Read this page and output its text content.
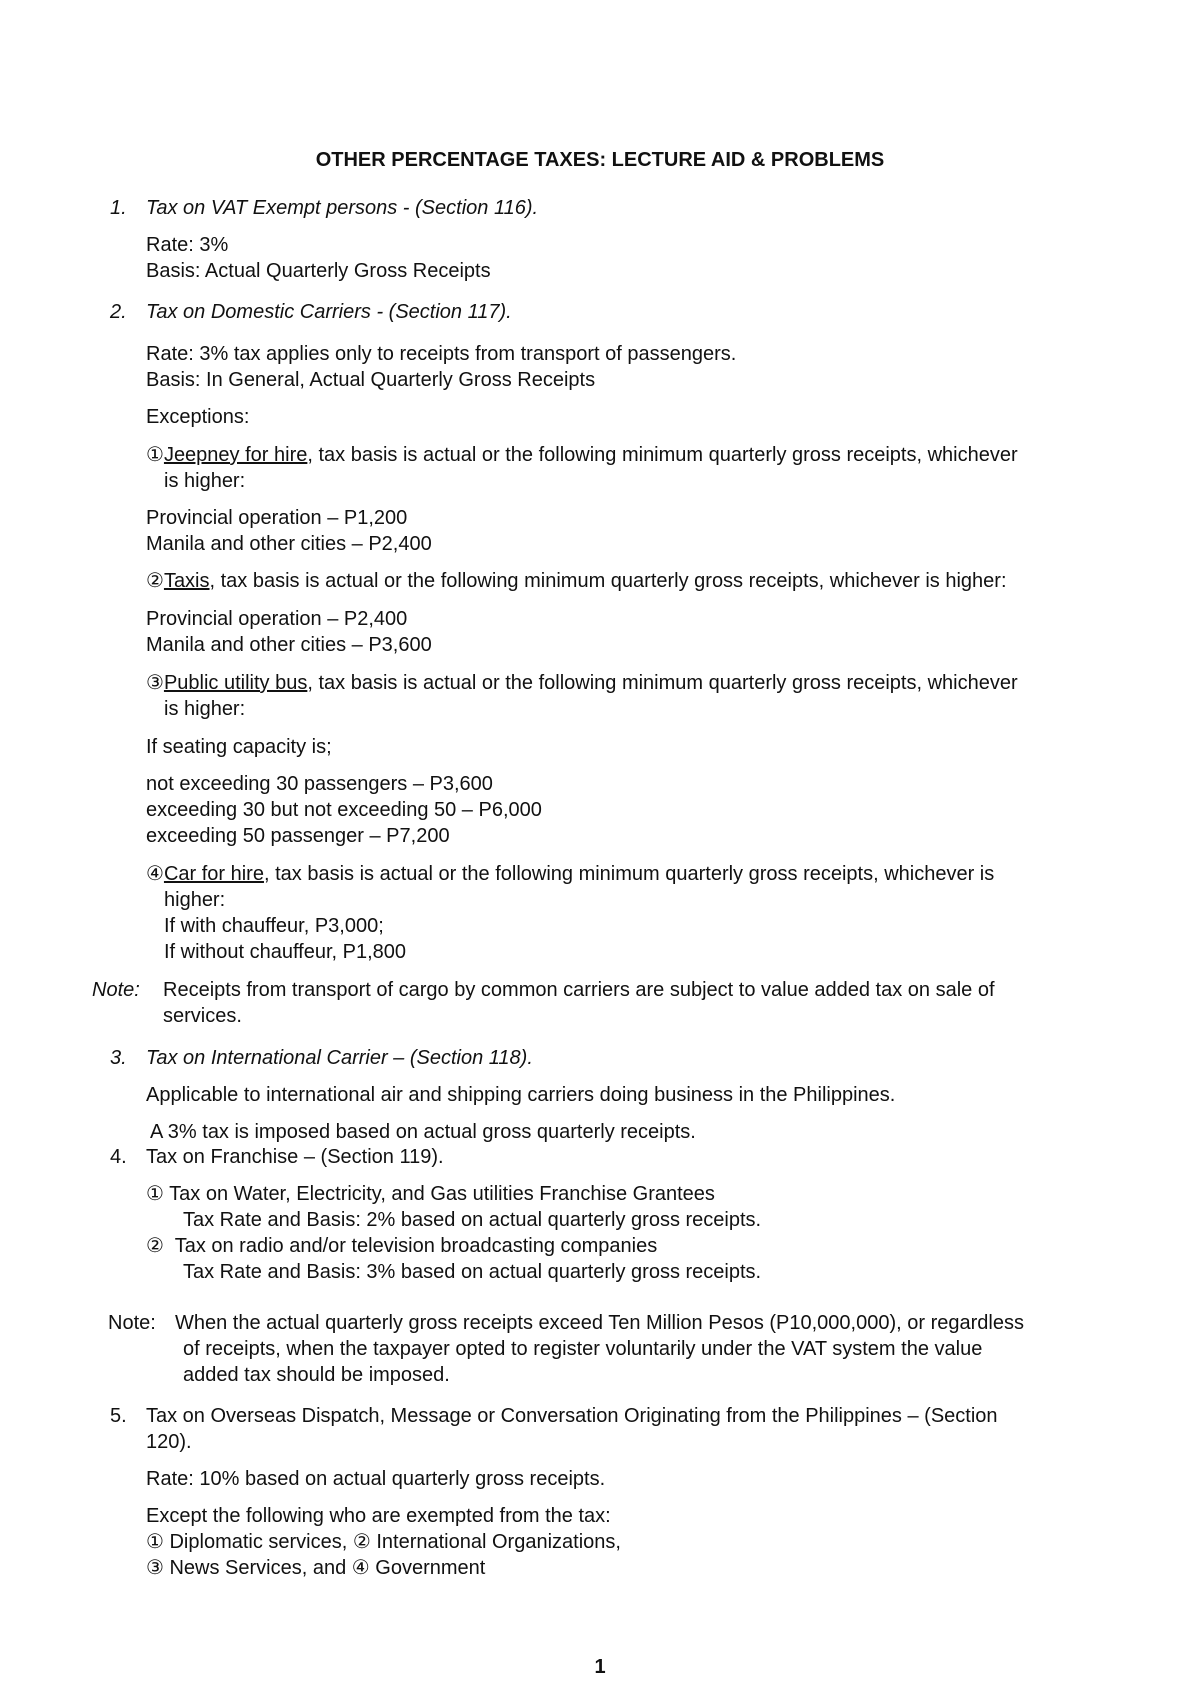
OTHER PERCENTAGE TAXES: LECTURE AID & PROBLEMS
1. Tax on VAT Exempt persons - (Section 116).
Rate: 3%
Basis: Actual Quarterly Gross Receipts
2. Tax on Domestic Carriers - (Section 117).
Rate: 3% tax applies only to receipts from transport of passengers.
Basis: In General, Actual Quarterly Gross Receipts
Exceptions:
①Jeepney for hire, tax basis is actual or the following minimum quarterly gross receipts, whichever
is higher:
Provincial operation – P1,200
Manila and other cities – P2,400
②Taxis, tax basis is actual or the following minimum quarterly gross receipts, whichever is higher:
Provincial operation – P2,400
Manila and other cities – P3,600
③Public utility bus, tax basis is actual or the following minimum quarterly gross receipts, whichever
is higher:
If seating capacity is;
not exceeding 30 passengers – P3,600
exceeding 30 but not exceeding 50 – P6,000
exceeding 50 passenger – P7,200
④Car for hire, tax basis is actual or the following minimum quarterly gross receipts, whichever is
higher:
If with chauffeur, P3,000;
If without chauffeur, P1,800
Note: Receipts from transport of cargo by common carriers are subject to value added tax on sale of
services.
3. Tax on International Carrier – (Section 118).
Applicable to international air and shipping carriers doing business in the Philippines.
A 3% tax is imposed based on actual gross quarterly receipts.
4. Tax on Franchise – (Section 119).
① Tax on Water, Electricity, and Gas utilities Franchise Grantees
Tax Rate and Basis: 2% based on actual quarterly gross receipts.
② Tax on radio and/or television broadcasting companies
Tax Rate and Basis: 3% based on actual quarterly gross receipts.
Note: When the actual quarterly gross receipts exceed Ten Million Pesos (P10,000,000), or regardless
of receipts, when the taxpayer opted to register voluntarily under the VAT system the value
added tax should be imposed.
5. Tax on Overseas Dispatch, Message or Conversation Originating from the Philippines – (Section
120).
Rate: 10% based on actual quarterly gross receipts.
Except the following who are exempted from the tax:
① Diplomatic services, ② International Organizations,
③ News Services, and ④ Government
1
